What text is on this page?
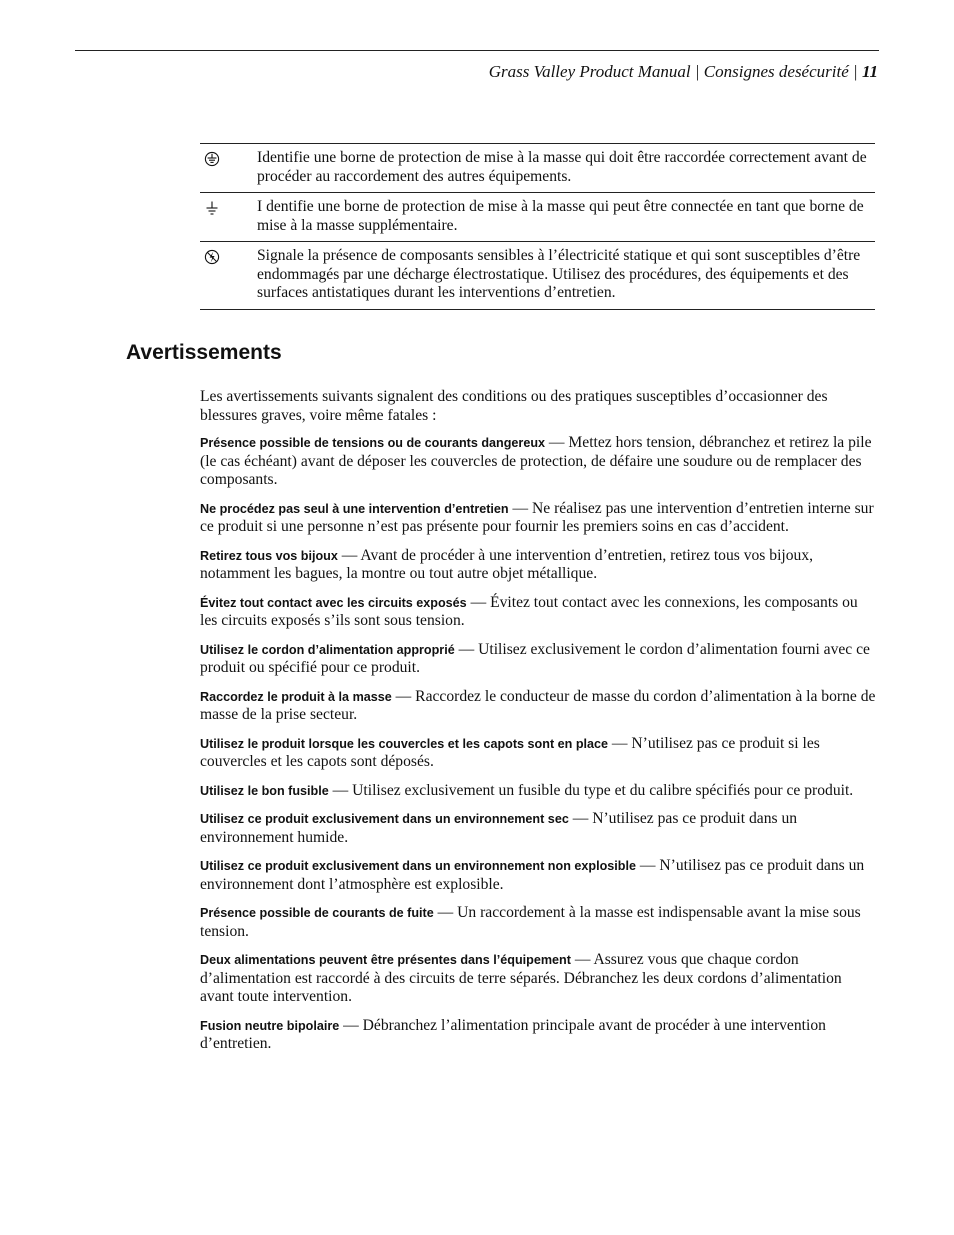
Grass Valley Product Manual | Consignes desécurité | 11
Identifie une borne de protection de mise à la masse qui doit être raccordée correctement avant de procéder au raccordement des autres équipements.
I dentifie une borne de protection de mise à la masse qui peut être connectée en tant que borne de mise à la masse supplémentaire.
Signale la présence de composants sensibles à l’électricité statique et qui sont susceptibles d’être endommagés par une décharge électrostatique. Utilisez des procédures, des équipements et des surfaces antistatiques durant les interventions d’entretien.
Avertissements

Les avertissements suivants signalent des conditions ou des pratiques susceptibles d’occasionner des blessures graves, voire même fatales :

Présence possible de tensions ou de courants dangereux — Mettez hors tension, débranchez et retirez la pile (le cas échéant) avant de déposer les couvercles de protection, de défaire une soudure ou de remplacer des composants.

Ne procédez pas seul à une intervention d’entretien — Ne réalisez pas une intervention d’entretien interne sur ce produit si une personne n’est pas présente pour fournir les premiers soins en cas d’accident.

Retirez tous vos bijoux — Avant de procéder à une intervention d’entretien, retirez tous vos bijoux, notamment les bagues, la montre ou tout autre objet métallique.

Évitez tout contact avec les circuits exposés — Évitez tout contact avec les connexions, les composants ou les circuits exposés s’ils sont sous tension.

Utilisez le cordon d’alimentation approprié — Utilisez exclusivement le cordon d’alimentation fourni avec ce produit ou spécifié pour ce produit.

Raccordez le produit à la masse — Raccordez le conducteur de masse du cordon d’alimentation à la borne de masse de la prise secteur.

Utilisez le produit lorsque les couvercles et les capots sont en place — N’utilisez pas ce produit si les couvercles et les capots sont déposés.

Utilisez le bon fusible — Utilisez exclusivement un fusible du type et du calibre spécifiés pour ce produit.

Utilisez ce produit exclusivement dans un environnement sec — N’utilisez pas ce produit dans un environnement humide.

Utilisez ce produit exclusivement dans un environnement non explosible — N’utilisez pas ce produit dans un environnement dont l’atmosphère est explosible.

Présence possible de courants de fuite — Un raccordement à la masse est indispensable avant la mise sous tension.

Deux alimentations peuvent être présentes dans l’équipement — Assurez vous que chaque cordon d’alimentation est raccordé à des circuits de terre séparés. Débranchez les deux cordons d’alimentation avant toute intervention.

Fusion neutre bipolaire — Débranchez l’alimentation principale avant de procéder à une intervention d’entretien.
